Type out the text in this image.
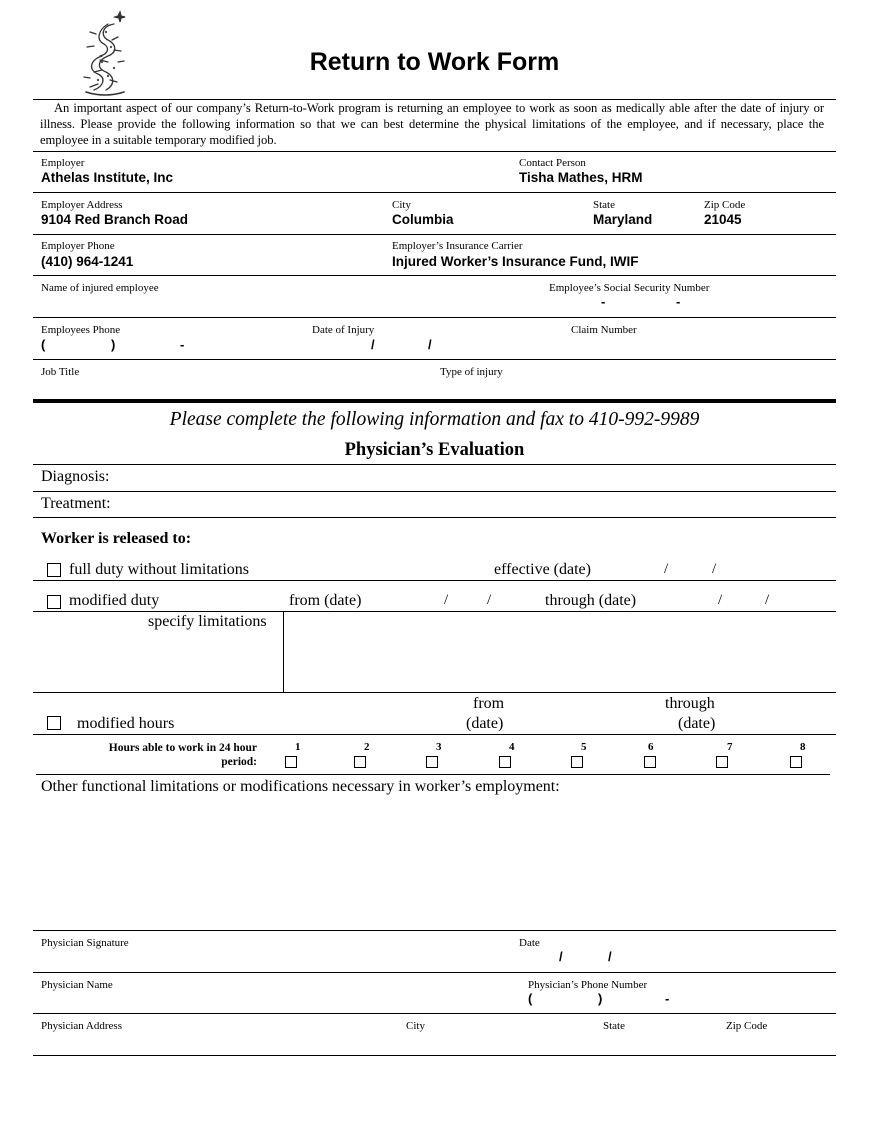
Return to Work Form
An important aspect of our company’s Return-to-Work program is returning an employee to work as soon as medically able after the date of injury or illness. Please provide the following information so that we can best determine the physical limitations of the employee, and if necessary, place the employee in a suitable temporary modified job.
Employer
Athelas Institute, Inc
Contact Person
Tisha Mathes, HRM
Employer Address
9104 Red Branch Road
City
Columbia
State
Maryland
Zip Code
21045
Employer Phone
(410) 964-1241
Employer’s Insurance Carrier
Injured Worker’s Insurance Fund, IWIF
Name of injured employee	Employee’s Social Security Number
-	-
Employees Phone
(	)	-
Date of Injury
/	/
Claim Number
Job Title	Type of injury
Please complete the following information and fax to 410-992-9989
Physician’s Evaluation
Diagnosis:
Treatment:
Worker is released to:
full duty without limitations	effective (date)	/	/
modified duty	from (date)	/	/	through (date)	/	/
specify limitations
modified hours
from
(date)
through
(date)
Hours able to work in 24 hour
period:
1	2	3	4	5	6	7	8
Other functional limitations or modifications necessary in worker’s employment:
Physician Signature	Date
/	/
Physician Name	Physician’s Phone Number
(	)	-
Physician Address	City	State	Zip Code
